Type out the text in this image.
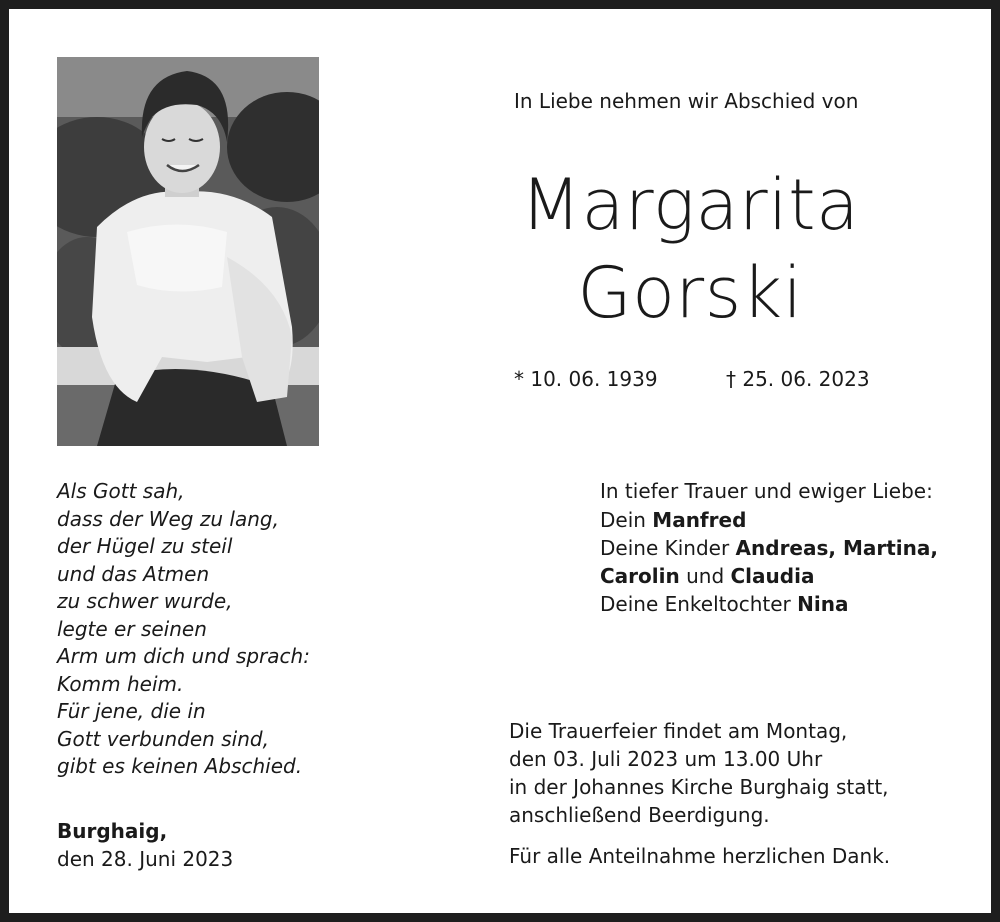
In Liebe nehmen wir Abschied von
Margarita
Gorski
* 10. 06. 1939	† 25. 06. 2023
Als Gott sah,
dass der Weg zu lang,
der Hügel zu steil
und das Atmen
zu schwer wurde,
legte er seinen
Arm um dich und sprach:
Komm heim.
Für jene, die in
Gott verbunden sind,
gibt es keinen Abschied.
Burghaig,
den 28. Juni 2023
In tiefer Trauer und ewiger Liebe:
Dein Manfred
Deine Kinder Andreas, Martina,
Carolin und Claudia
Deine Enkeltochter Nina
Die Trauerfeier findet am Montag,
den 03. Juli 2023 um 13.00 Uhr
in der Johannes Kirche Burghaig statt,
anschließend Beerdigung.
Für alle Anteilnahme herzlichen Dank.
